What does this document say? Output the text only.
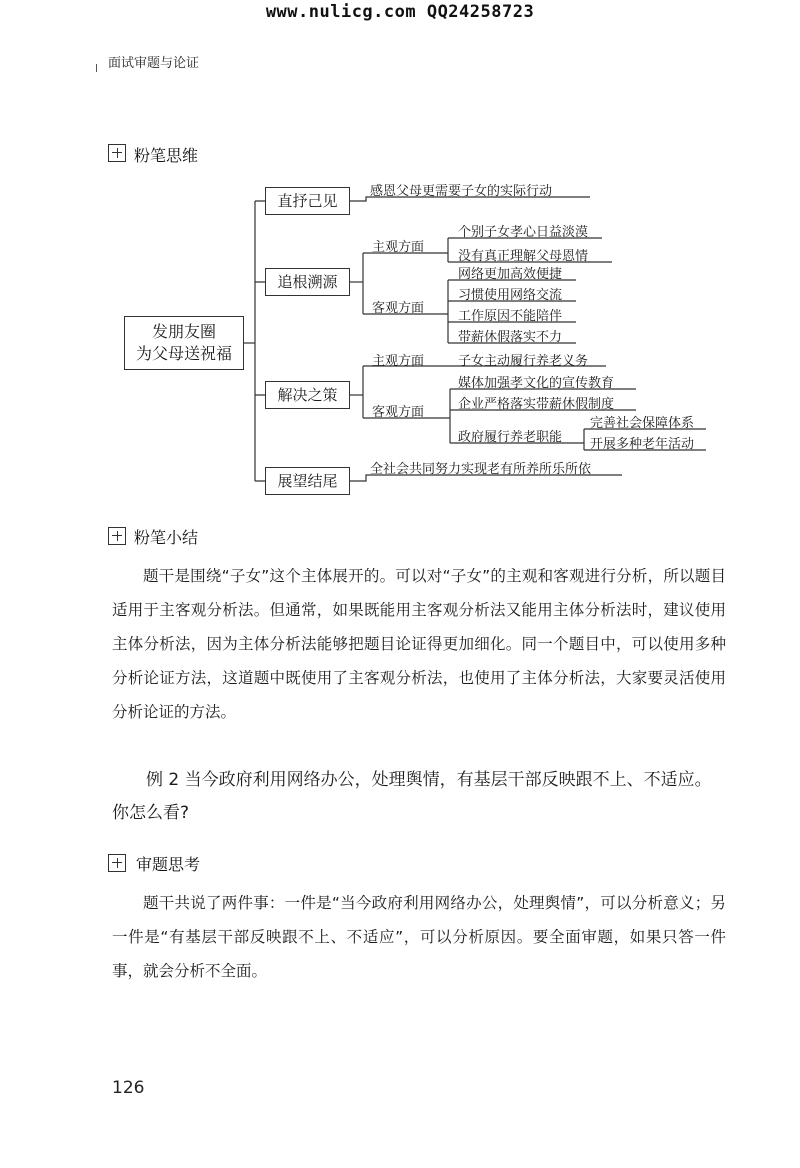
www.nulicg.com QQ24258723
面试审题与论证
粉笔思维
发朋友圈
为父母送祝福
直抒己见
追根溯源
解决之策
展望结尾
感恩父母更需要子女的实际行动
主观方面
个别子女孝心日益淡漠
没有真正理解父母恩情
客观方面
网络更加高效便捷
习惯使用网络交流
工作原因不能陪伴
带薪休假落实不力
主观方面	子女主动履行养老义务
客观方面
媒体加强孝文化的宣传教育
企业严格落实带薪休假制度
政府履行养老职能
完善社会保障体系
开展多种老年活动
全社会共同努力实现老有所养所乐所依
粉笔小结
题干是围绕“子女”这个主体展开的。可以对“子女”的主观和客观进行分析，所以题目适用于主客观分析法。但通常，如果既能用主客观分析法又能用主体分析法时，建议使用主体分析法，因为主体分析法能够把题目论证得更加细化。同一个题目中，可以使用多种分析论证方法，这道题中既使用了主客观分析法，也使用了主体分析法，大家要灵活使用分析论证的方法。
例 2 当今政府利用网络办公，处理舆情，有基层干部反映跟不上、不适应。你怎么看?
审题思考
题干共说了两件事：一件是“当今政府利用网络办公，处理舆情”，可以分析意义；另一件是“有基层干部反映跟不上、不适应”，可以分析原因。要全面审题，如果只答一件事，就会分析不全面。
126
